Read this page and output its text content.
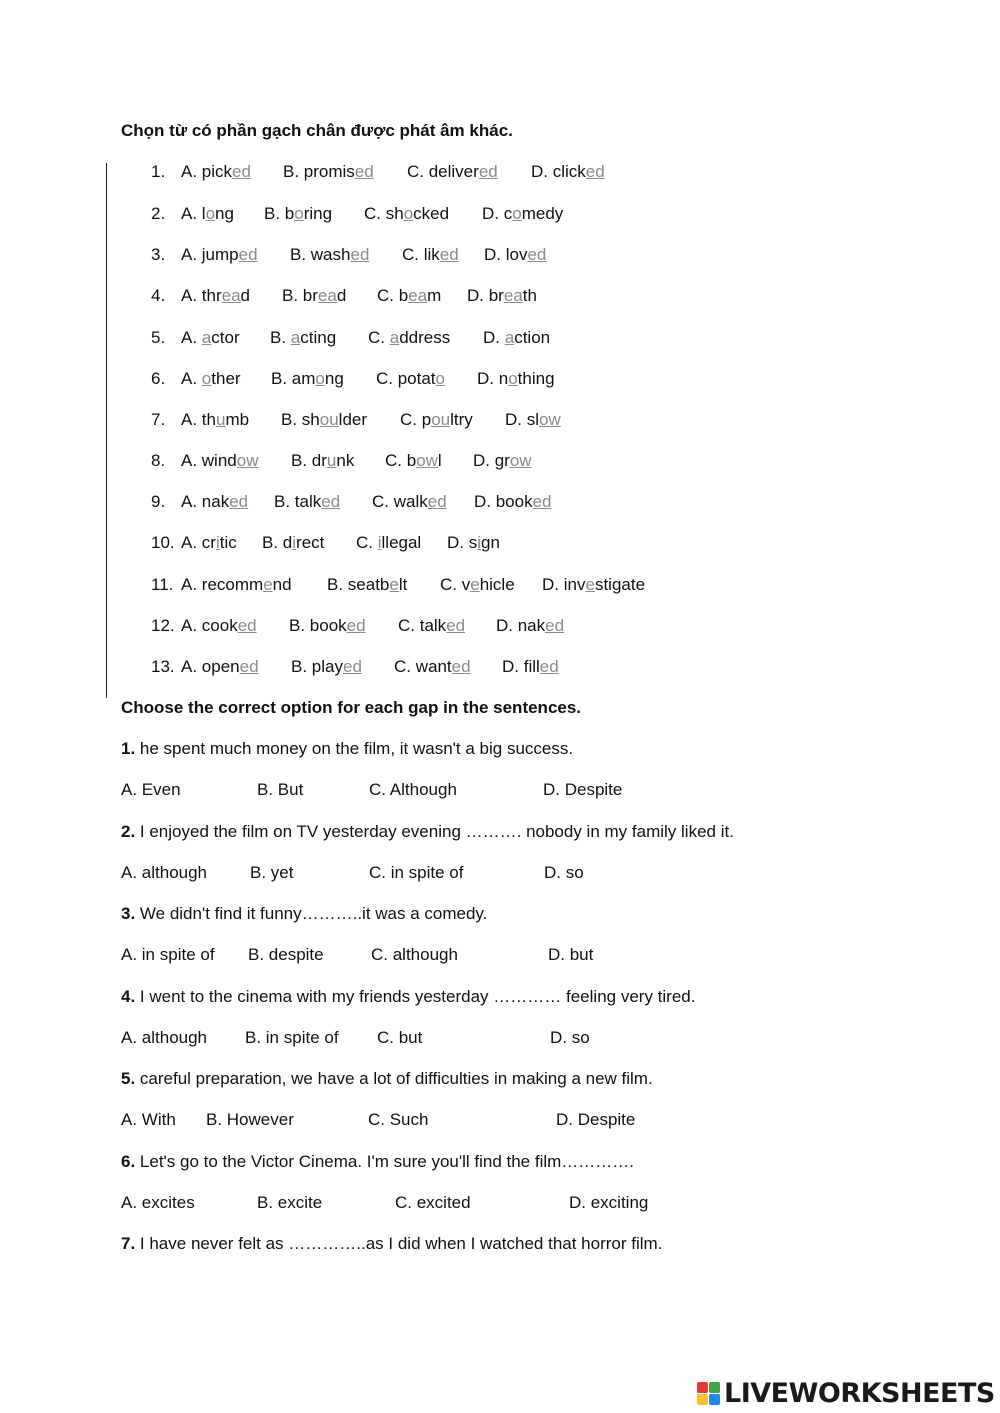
Chọn từ có phần gạch chân được phát âm khác.
1. A. picked B. promised C. delivered D. clicked
2. A. long B. boring C. shocked D. comedy
3. A. jumped B. washed C. liked D. loved
4. A. thread B. bread C. beam D. breath
5. A. actor B. acting C. address D. action
6. A. other B. among C. potato D. nothing
7. A. thumb B. shoulder C. poultry D. slow
8. A. window B. drunk C. bowl D. grow
9. A. naked B. talked C. walked D. booked
10. A. critic B. direct C. illegal D. sign
11. A. recommend B. seatbelt C. vehicle D. investigate
12. A. cooked B. booked C. talked D. naked
13. A. opened B. played C. wanted D. filled
Choose the correct option for each gap in the sentences.
1. he spent much money on the film, it wasn't a big success.
A. Even	B. But	C. Although	D. Despite
2. I enjoyed the film on TV yesterday evening ………. nobody in my family liked it.
A. although	B. yet	C. in spite of	D. so
3. We didn't find it funny………..it was a comedy.
A. in spite of B. despite	C. although	D. but
4. I went to the cinema with my friends yesterday ………… feeling very tired.
A. although B. in spite of C. but	D. so
5. careful preparation, we have a lot of difficulties in making a new film.
A. With B. However	C. Such	D. Despite
6. Let's go to the Victor Cinema. I'm sure you'll find the film………….
A. excites	B. excite	C. excited	D. exciting
7. I have never felt as …………..as I did when I watched that horror film.
LIVEWORKSHEETS
